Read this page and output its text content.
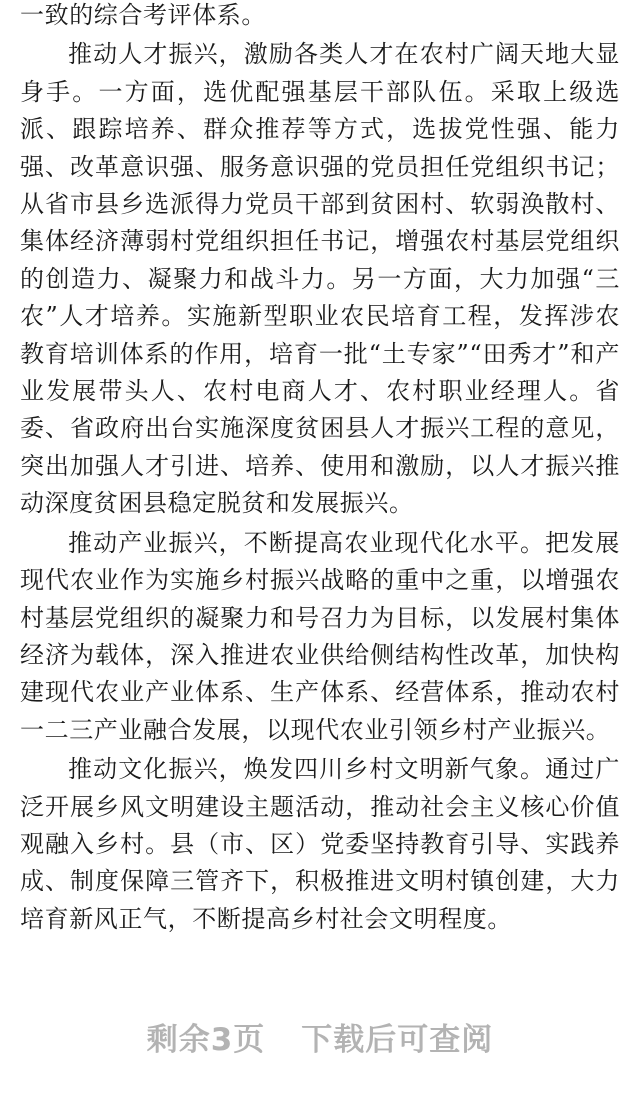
一致的综合考评体系。

推动人才振兴，激励各类人才在农村广阔天地大显身手。一方面，选优配强基层干部队伍。采取上级选派、跟踪培养、群众推荐等方式，选拔党性强、能力强、改革意识强、服务意识强的党员担任党组织书记；从省市县乡选派得力党员干部到贫困村、软弱涣散村、集体经济薄弱村党组织担任书记，增强农村基层党组织的创造力、凝聚力和战斗力。另一方面，大力加强“三农”人才培养。实施新型职业农民培育工程，发挥涉农教育培训体系的作用，培育一批“土专家”“田秀才”和产业发展带头人、农村电商人才、农村职业经理人。省委、省政府出台实施深度贫困县人才振兴工程的意见，突出加强人才引进、培养、使用和激励，以人才振兴推动深度贫困县稳定脱贫和发展振兴。

推动产业振兴，不断提高农业现代化水平。把发展现代农业作为实施乡村振兴战略的重中之重，以增强农村基层党组织的凝聚力和号召力为目标，以发展村集体经济为载体，深入推进农业供给侧结构性改革，加快构建现代农业产业体系、生产体系、经营体系，推动农村一二三产业融合发展，以现代农业引领乡村产业振兴。

推动文化振兴，焕发四川乡村文明新气象。通过广泛开展乡风文明建设主题活动，推动社会主义核心价值观融入乡村。县（市、区）党委坚持教育引导、实践养成、制度保障三管齐下，积极推进文明村镇创建，大力培育新风正气，不断提高乡村社会文明程度。

剩余3页 下载后可查阅
